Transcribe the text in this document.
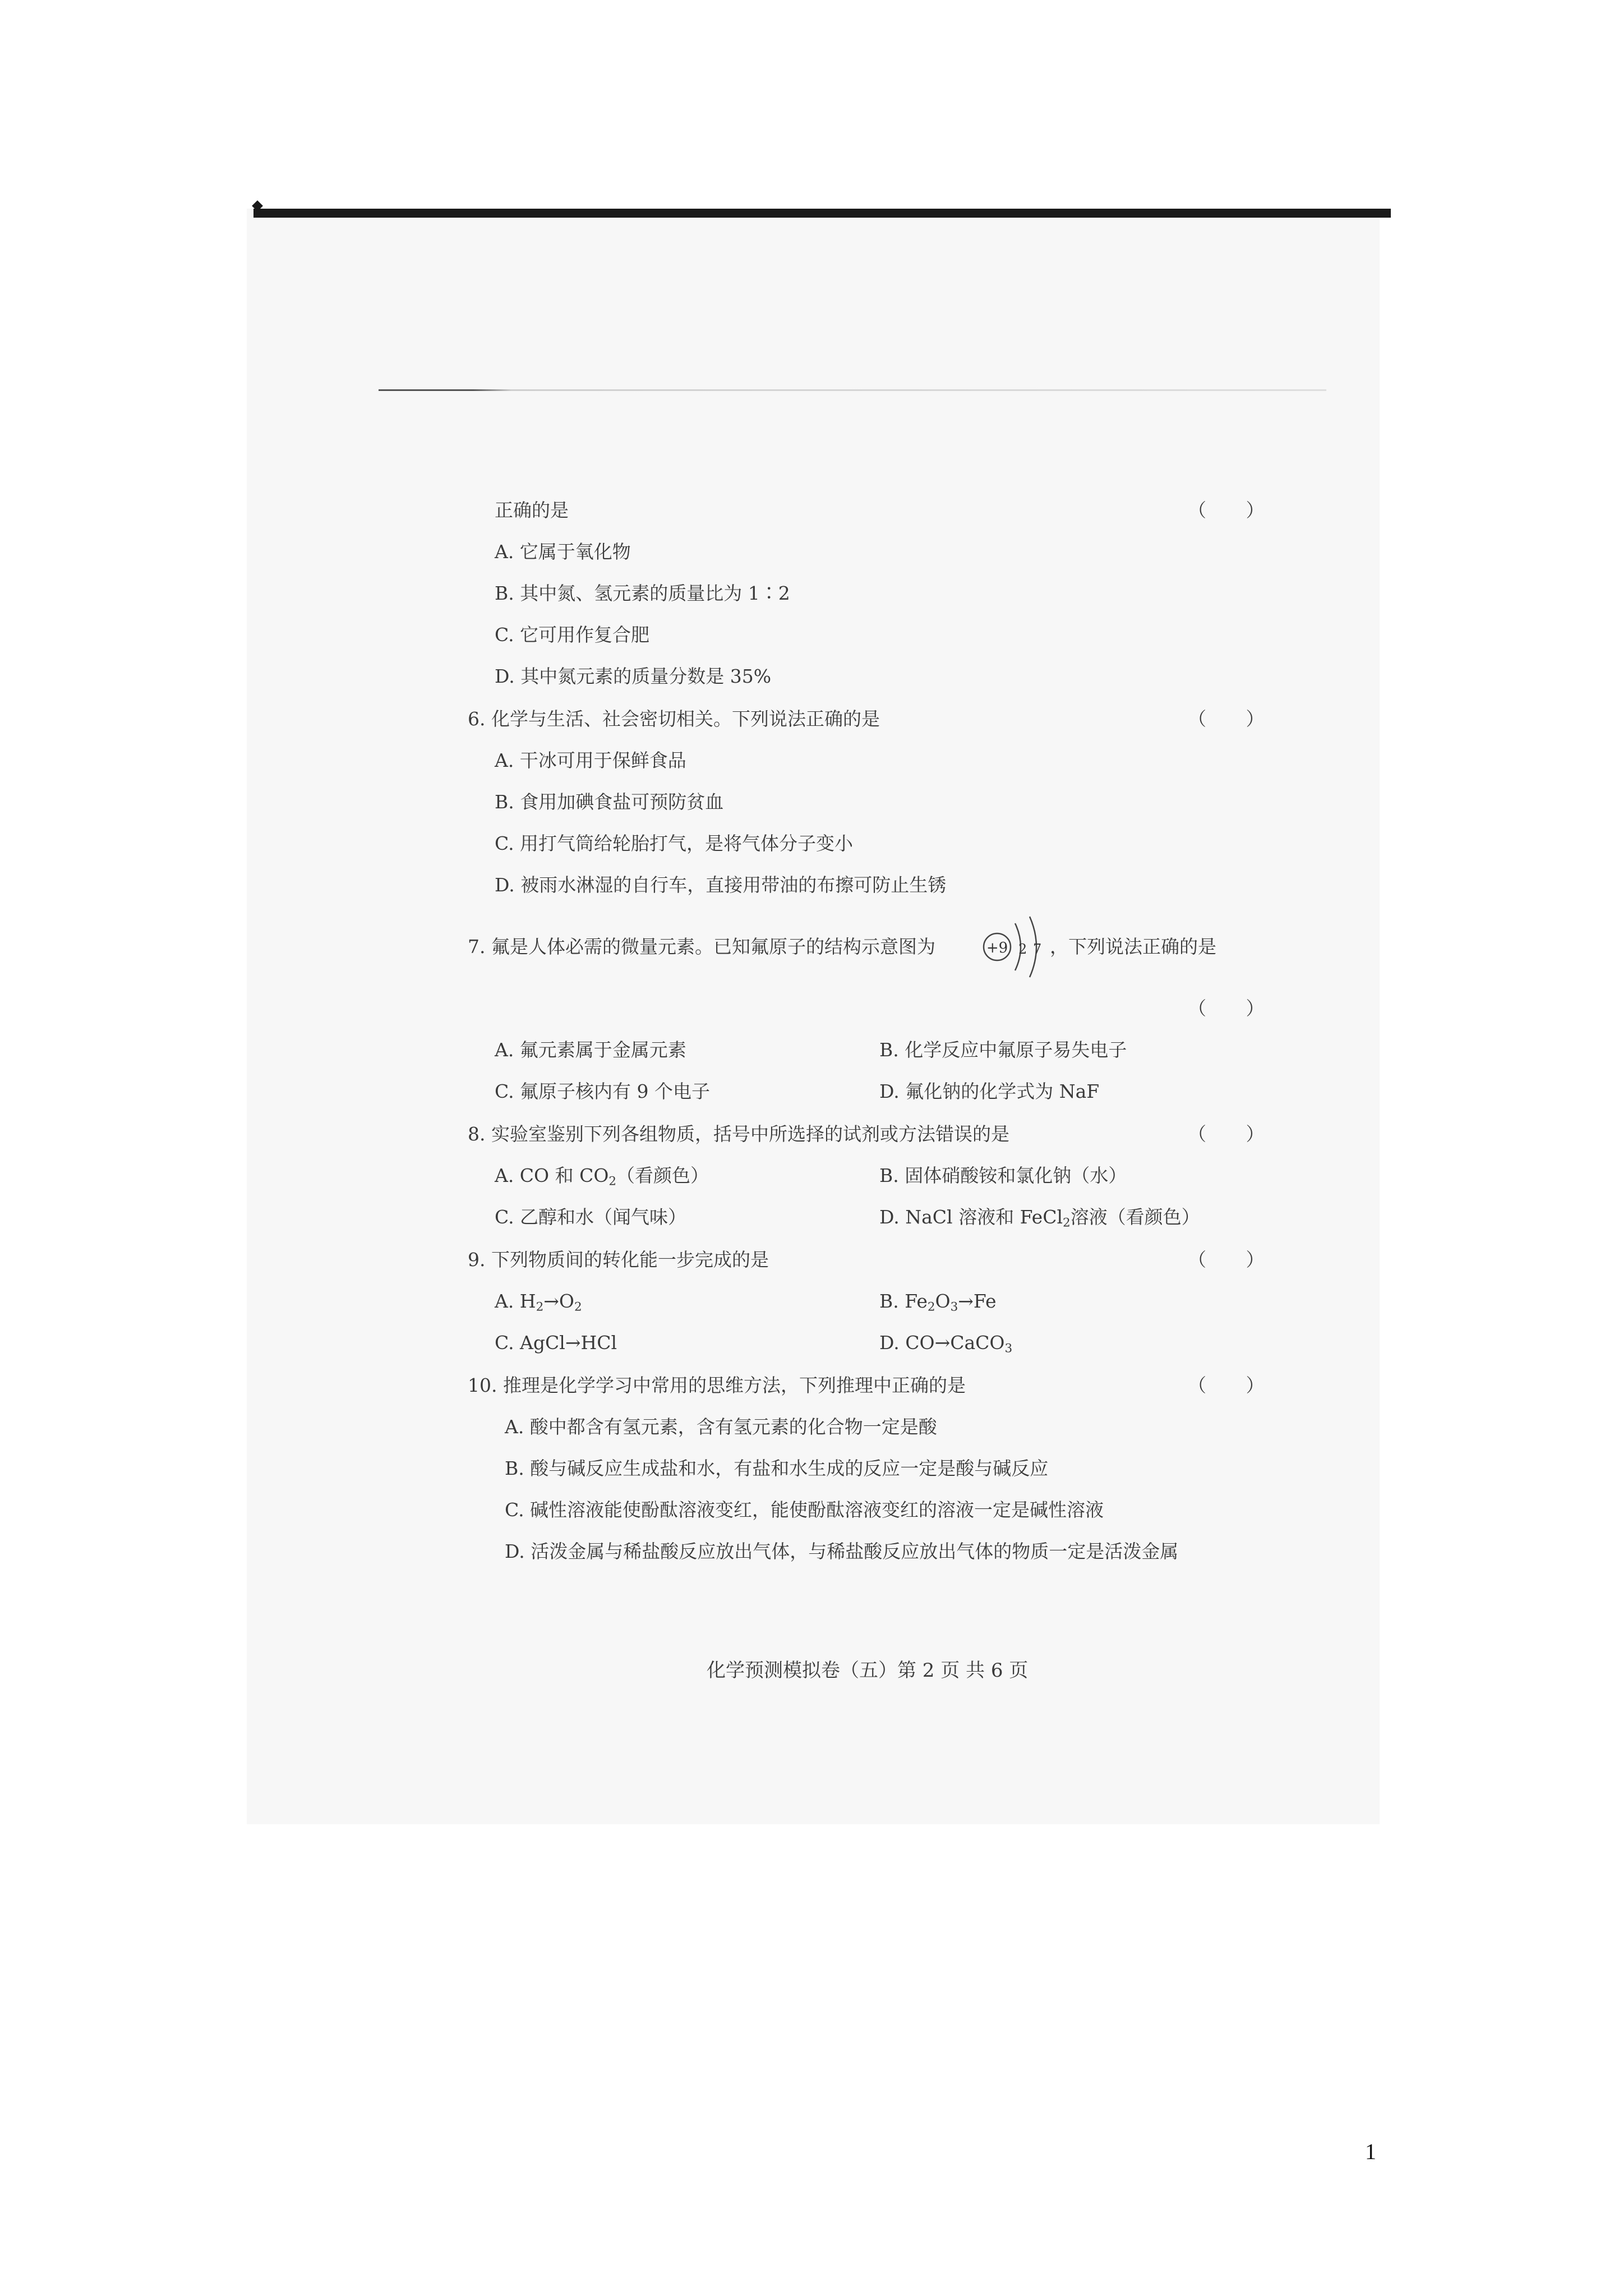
正确的是	（ ）
A. 它属于氧化物
B. 其中氮、氢元素的质量比为 1∶2
C. 它可用作复合肥
D. 其中氮元素的质量分数是 35%
6. 化学与生活、社会密切相关。下列说法正确的是	（ ）
A. 干冰可用于保鲜食品
B. 食用加碘食盐可预防贫血
C. 用打气筒给轮胎打气，是将气体分子变小
D. 被雨水淋湿的自行车，直接用带油的布擦可防止生锈
7. 氟是人体必需的微量元素。已知氟原子的结构示意图为	+9 2 7 ，下列说法正确的是
（ ）
A. 氟元素属于金属元素	B. 化学反应中氟原子易失电子
C. 氟原子核内有 9 个电子	D. 氟化钠的化学式为 NaF
8. 实验室鉴别下列各组物质，括号中所选择的试剂或方法错误的是	（ ）
A. CO 和 $CO_2$（看颜色）	B. 固体硝酸铵和氯化钠（水）
C. 乙醇和水（闻气味）	D. NaCl 溶液和 FeCl$_2$溶液（看颜色）
9. 下列物质间的转化能一步完成的是	（ ）
A. $H_2\to O_2$	B. $Fe_2O_3\to Fe$
C. AgCl→HCl	D. CO→CaCO$_3$
10. 推理是化学学习中常用的思维方法，下列推理中正确的是	（ ）
A. 酸中都含有氢元素，含有氢元素的化合物一定是酸
B. 酸与碱反应生成盐和水，有盐和水生成的反应一定是酸与碱反应
C. 碱性溶液能使酚酞溶液变红，能使酚酞溶液变红的溶液一定是碱性溶液
D. 活泼金属与稀盐酸反应放出气体，与稀盐酸反应放出气体的物质一定是活泼金属
化学预测模拟卷（五）第 2 页 共 6 页
1
